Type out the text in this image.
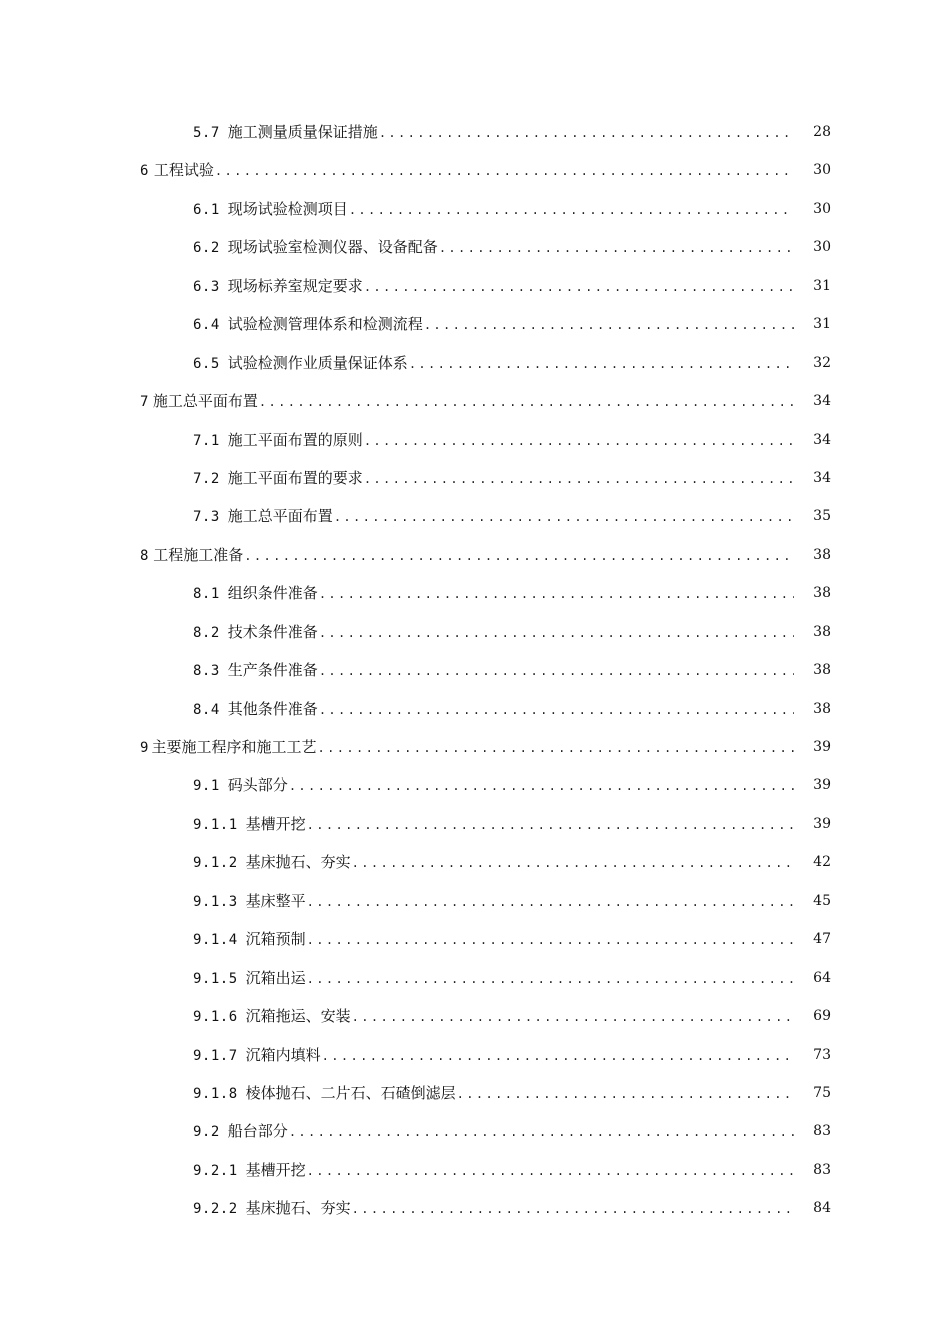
5.7 施工测量质量保证措施 .....	28
6 工程试验 .....	30
6.1 现场试验检测项目 .....	30
6.2 现场试验室检测仪器、设备配备 .....	30
6.3 现场标养室规定要求 .....	31
6.4 试验检测管理体系和检测流程 .....	31
6.5 试验检测作业质量保证体系 .....	32
7 施工总平面布置 .....	34
7.1 施工平面布置的原则 .....	34
7.2 施工平面布置的要求 .....	34
7.3 施工总平面布置 .....	35
8 工程施工准备 .....	38
8.1 组织条件准备 .....	38
8.2 技术条件准备 .....	38
8.3 生产条件准备 .....	38
8.4 其他条件准备 .....	38
9 主要施工程序和施工工艺 .....	39
9.1 码头部分 .....	39
9.1.1 基槽开挖 .....	39
9.1.2 基床抛石、夯实 .....	42
9.1.3 基床整平 .....	45
9.1.4 沉箱预制 .....	47
9.1.5 沉箱出运 .....	64
9.1.6 沉箱拖运、安装 .....	69
9.1.7 沉箱内填料 .....	73
9.1.8 棱体抛石、二片石、石碴倒滤层 .....	75
9.2 船台部分 .....	83
9.2.1 基槽开挖 .....	83
9.2.2 基床抛石、夯实 .....	84
